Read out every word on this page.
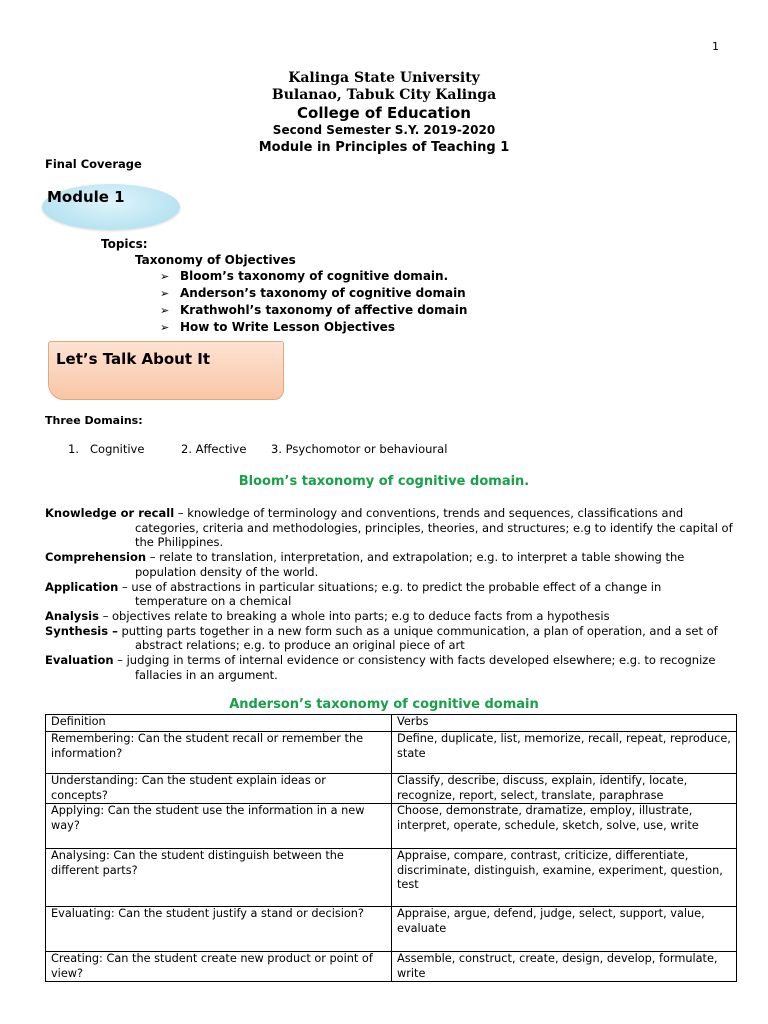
1
Kalinga State University
Bulanao, Tabuk City Kalinga
College of Education
Second Semester S.Y. 2019-2020
Module in Principles of Teaching 1
Final Coverage
Module 1
Topics:
Taxonomy of Objectives
➢ Bloom’s taxonomy of cognitive domain.
➢ Anderson’s taxonomy of cognitive domain
➢ Krathwohl’s taxonomy of affective domain
➢ How to Write Lesson Objectives
Let’s Talk About It
Three Domains:
1. Cognitive	2. Affective 3. Psychomotor or behavioural
Bloom’s taxonomy of cognitive domain.

Knowledge or recall – knowledge of terminology and conventions, trends and sequences, classifications and categories, criteria and methodologies, principles, theories, and structures; e.g to identify the capital of the Philippines.

Comprehension – relate to translation, interpretation, and extrapolation; e.g. to interpret a table showing the population density of the world.

Application – use of abstractions in particular situations; e.g. to predict the probable effect of a change in temperature on a chemical

Analysis – objectives relate to breaking a whole into parts; e.g to deduce facts from a hypothesis

Synthesis – putting parts together in a new form such as a unique communication, a plan of operation, and a set of abstract relations; e.g. to produce an original piece of art

Evaluation – judging in terms of internal evidence or consistency with facts developed elsewhere; e.g. to recognize fallacies in an argument.

Anderson’s taxonomy of cognitive domain
Definition	Verbs
Remembering: Can the student recall or remember the information?	Define, duplicate, list, memorize, recall, repeat, reproduce, state
Understanding: Can the student explain ideas or concepts?	Classify, describe, discuss, explain, identify, locate, recognize, report, select, translate, paraphrase
Applying: Can the student use the information in a new way?	Choose, demonstrate, dramatize, employ, illustrate, interpret, operate, schedule, sketch, solve, use, write
Analysing: Can the student distinguish between the different parts?	Appraise, compare, contrast, criticize, differentiate, discriminate, distinguish, examine, experiment, question, test
Evaluating: Can the student justify a stand or decision?	Appraise, argue, defend, judge, select, support, value, evaluate
Creating: Can the student create new product or point of view?	Assemble, construct, create, design, develop, formulate, write
